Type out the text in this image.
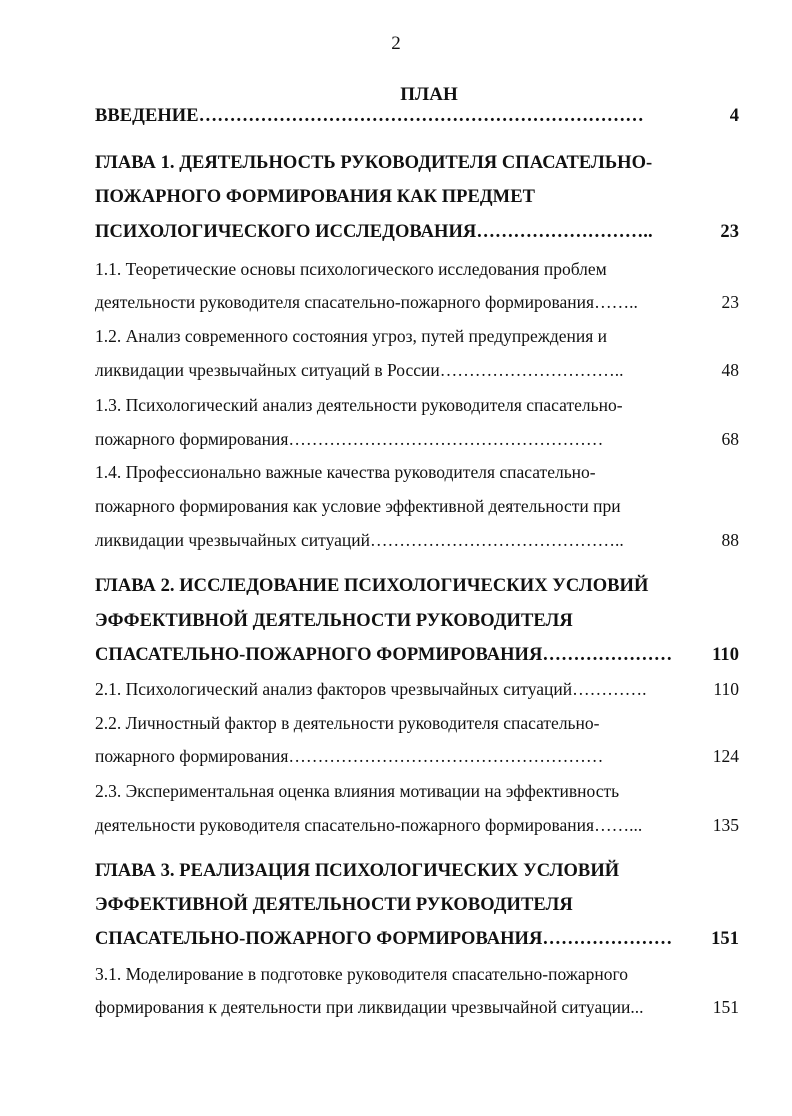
2
ПЛАН
ВВЕДЕНИЕ………………………………………………………………	4
ГЛАВА 1. ДЕЯТЕЛЬНОСТЬ РУКОВОДИТЕЛЯ СПАСАТЕЛЬНО-
ПОЖАРНОГО ФОРМИРОВАНИЯ КАК ПРЕДМЕТ
ПСИХОЛОГИЧЕСКОГО ИССЛЕДОВАНИЯ………………………..	23
1.1. Теоретические основы психологического исследования проблем
деятельности руководителя спасательно-пожарного формирования……..	23
1.2. Анализ современного состояния угроз, путей предупреждения и
ликвидации чрезвычайных ситуаций в России…………………………..	48
1.3. Психологический анализ деятельности руководителя спасательно-
пожарного формирования………………………………………………	68
1.4. Профессионально важные качества руководителя спасательно-
пожарного формирования как условие эффективной деятельности при
ликвидации чрезвычайных ситуаций……………………………………..	88
ГЛАВА 2. ИССЛЕДОВАНИЕ ПСИХОЛОГИЧЕСКИХ УСЛОВИЙ
ЭФФЕКТИВНОЙ ДЕЯТЕЛЬНОСТИ РУКОВОДИТЕЛЯ
СПАСАТЕЛЬНО-ПОЖАРНОГО ФОРМИРОВАНИЯ………………… 110
2.1. Психологический анализ факторов чрезвычайных ситуаций………….	110
2.2. Личностный фактор в деятельности руководителя спасательно-
пожарного формирования………………………………………………	124
2.3. Экспериментальная оценка влияния мотивации на эффективность
деятельности руководителя спасательно-пожарного формирования……...	135
ГЛАВА 3. РЕАЛИЗАЦИЯ ПСИХОЛОГИЧЕСКИХ УСЛОВИЙ
ЭФФЕКТИВНОЙ ДЕЯТЕЛЬНОСТИ РУКОВОДИТЕЛЯ
СПАСАТЕЛЬНО-ПОЖАРНОГО ФОРМИРОВАНИЯ………………… 151
3.1. Моделирование в подготовке руководителя спасательно-пожарного
формирования к деятельности при ликвидации чрезвычайной ситуации...	151
